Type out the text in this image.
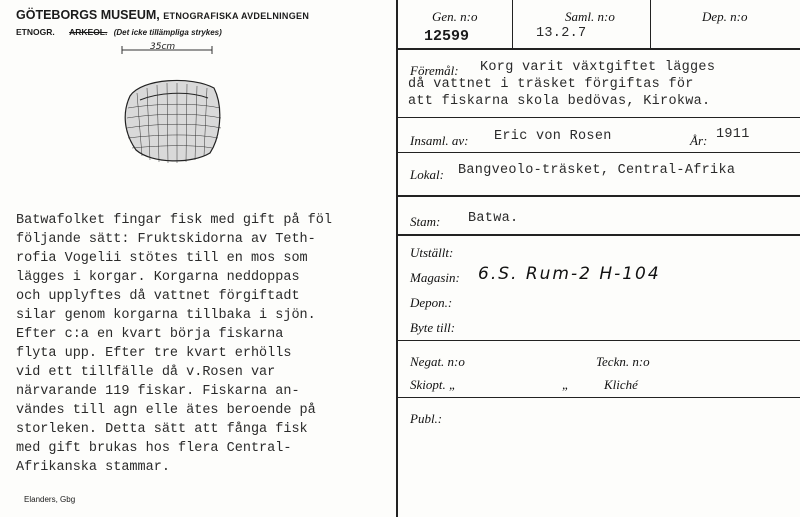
GÖTEBORGS MUSEUM, ETNOGRAFISKA AVDELNINGEN
ETNOGR. ARKEOL. (Det icke tillämpliga strykes)
35cm
Batwafolket fingar fisk med gift på föl
följande sätt: Fruktskidorna av Teth-
rofia Vogelii stötes till en mos som
lägges i korgar. Korgarna neddoppas
och upplyftes då vattnet förgiftadt
silar genom korgarna tillbaka i sjön.
Efter c:a en kvart börja fiskarna
flyta upp. Efter tre kvart erhölls
vid ett tillfälle då v.Rosen var
närvarande 119 fiskar. Fiskarna an-
vändes till agn elle ätes beroende på
storleken. Detta sätt att fånga fisk
med gift brukas hos flera Central-
Afrikanska stammar.
Elanders, Gbg
Gen. n:o
12599
Saml. n:o
13.2.7
Dep. n:o
Föremål: Korg varit växtgiftet lägges
då vattnet i träsket förgiftas för
att fiskarna skola bedövas, Kirokwa.
Insaml. av: Eric von Rosen	År: 1911
Lokal: Bangveolo-träsket, Central-Afrika
Stam: Batwa.
Utställt:
Magasin: 6.S. Rum-2 H-104
Depon.:
Byte till:
Negat. n:o	Teckn. n:o
Skiopt. „	„	Kliché
Publ.:
